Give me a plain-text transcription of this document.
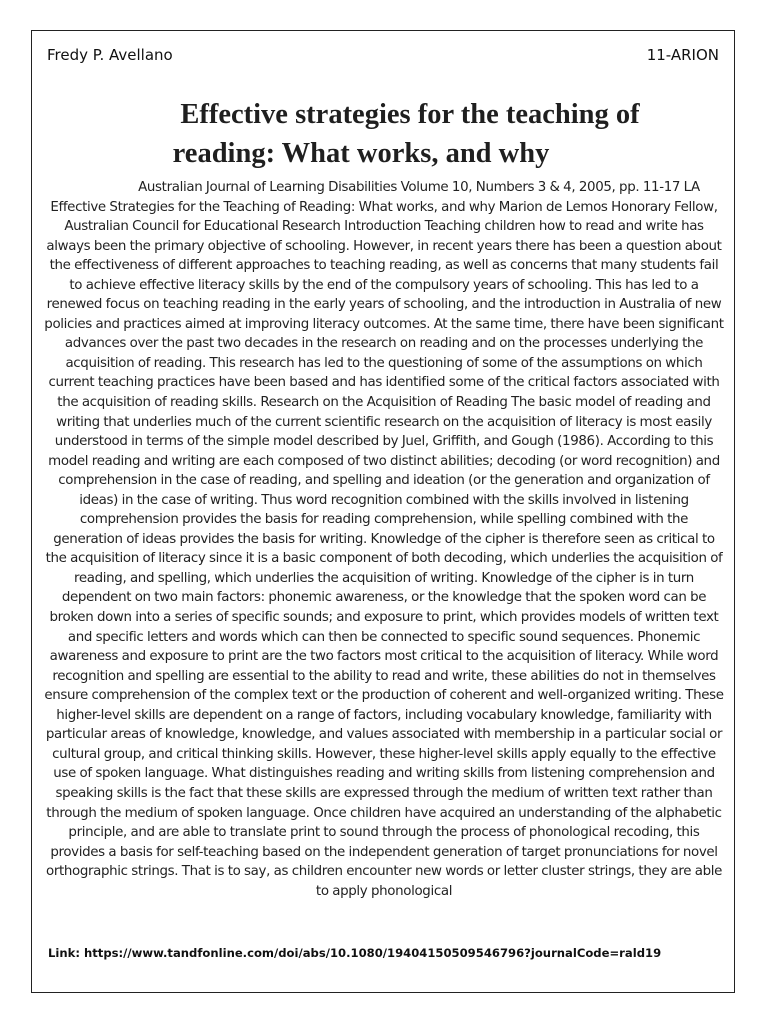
Fredy P. Avellano	11-ARION
Effective strategies for the teaching of
reading: What works, and why

Australian Journal of Learning Disabilities Volume 10, Numbers 3 & 4, 2005, pp. 11-17 LA Effective Strategies for the Teaching of Reading: What works, and why Marion de Lemos Honorary Fellow, Australian Council for Educational Research Introduction Teaching children how to read and write has always been the primary objective of schooling. However, in recent years there has been a question about the effectiveness of different approaches to teaching reading, as well as concerns that many students fail to achieve effective literacy skills by the end of the compulsory years of schooling. This has led to a renewed focus on teaching reading in the early years of schooling, and the introduction in Australia of new policies and practices aimed at improving literacy outcomes. At the same time, there have been significant advances over the past two decades in the research on reading and on the processes underlying the acquisition of reading. This research has led to the questioning of some of the assumptions on which current teaching practices have been based and has identified some of the critical factors associated with the acquisition of reading skills. Research on the Acquisition of Reading The basic model of reading and writing that underlies much of the current scientific research on the acquisition of literacy is most easily understood in terms of the simple model described by Juel, Griffith, and Gough (1986). According to this model reading and writing are each composed of two distinct abilities; decoding (or word recognition) and comprehension in the case of reading, and spelling and ideation (or the generation and organization of ideas) in the case of writing. Thus word recognition combined with the skills involved in listening comprehension provides the basis for reading comprehension, while spelling combined with the generation of ideas provides the basis for writing. Knowledge of the cipher is therefore seen as critical to the acquisition of literacy since it is a basic component of both decoding, which underlies the acquisition of reading, and spelling, which underlies the acquisition of writing. Knowledge of the cipher is in turn dependent on two main factors: phonemic awareness, or the knowledge that the spoken word can be broken down into a series of specific sounds; and exposure to print, which provides models of written text and specific letters and words which can then be connected to specific sound sequences. Phonemic awareness and exposure to print are the two factors most critical to the acquisition of literacy. While word recognition and spelling are essential to the ability to read and write, these abilities do not in themselves ensure comprehension of the complex text or the production of coherent and well-organized writing. These higher-level skills are dependent on a range of factors, including vocabulary knowledge, familiarity with particular areas of knowledge, knowledge, and values associated with membership in a particular social or cultural group, and critical thinking skills. However, these higher-level skills apply equally to the effective use of spoken language. What distinguishes reading and writing skills from listening comprehension and speaking skills is the fact that these skills are expressed through the medium of written text rather than through the medium of spoken language. Once children have acquired an understanding of the alphabetic principle, and are able to translate print to sound through the process of phonological recoding, this provides a basis for self-teaching based on the independent generation of target pronunciations for novel orthographic strings. That is to say, as children encounter new words or letter cluster strings, they are able to apply phonological

Link: https://www.tandfonline.com/doi/abs/10.1080/19404150509546796?journalCode=rald19
